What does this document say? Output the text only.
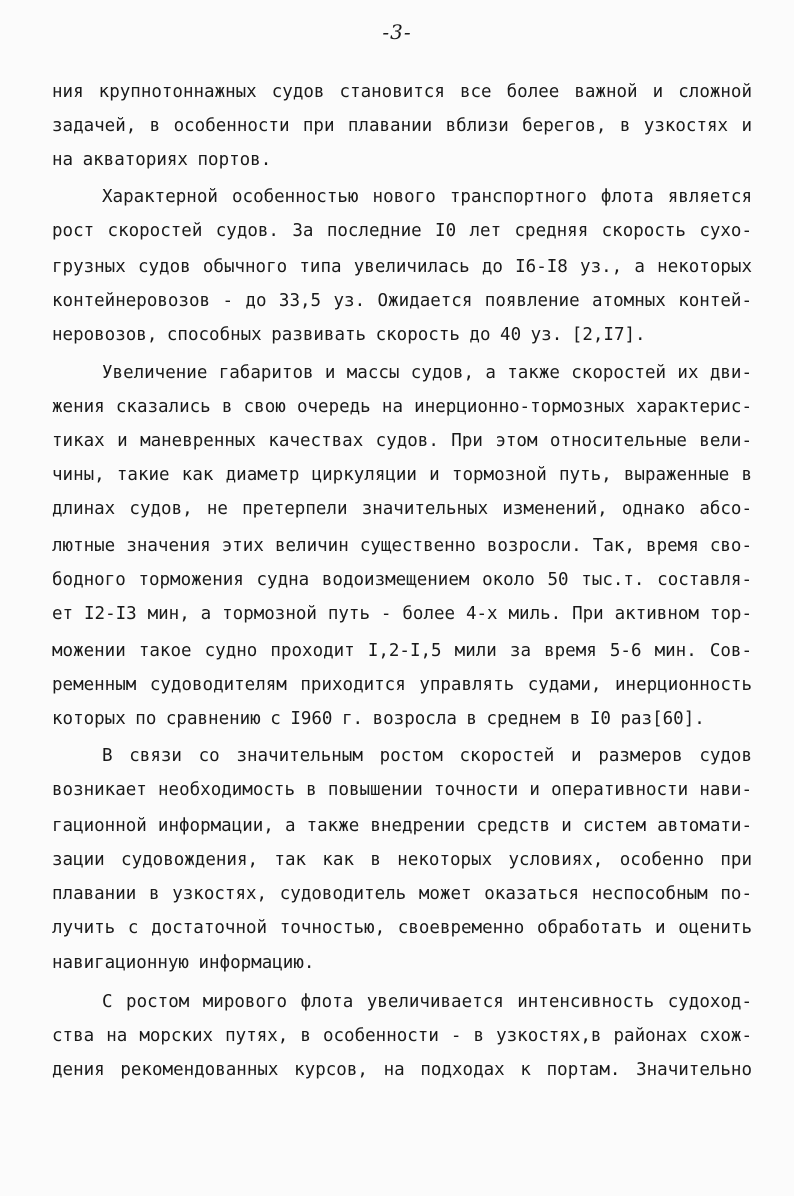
-3-
ния крупнотоннажных судов становится все более важной и сложной
задачей, в особенности при плавании вблизи берегов, в узкостях и
на акваториях портов.
Характерной особенностью нового транспортного флота является
рост скоростей судов. За последние I0 лет средняя скорость сухо-
грузных судов обычного типа увеличилась до I6-I8 уз., а некоторых
контейнеровозов - до 33,5 уз. Ожидается появление атомных контей-
неровозов, способных развивать скорость до 40 уз. [2,I7].
Увеличение габаритов и массы судов, а также скоростей их дви-
жения сказались в свою очередь на инерционно-тормозных характерис-
тиках и маневренных качествах судов. При этом относительные вели-
чины, такие как диаметр циркуляции и тормозной путь, выраженные в
длинах судов, не претерпели значительных изменений, однако абсо-
лютные значения этих величин существенно возросли. Так, время сво-
бодного торможения судна водоизмещением около 50 тыс.т. составля-
ет I2-I3 мин, а тормозной путь - более 4-х миль. При активном тор-
можении такое судно проходит I,2-I,5 мили за время 5-6 мин. Сов-
ременным судоводителям приходится управлять судами, инерционность
которых по сравнению с I960 г. возросла в среднем в I0 раз[60].
В связи со значительным ростом скоростей и размеров судов
возникает необходимость в повышении точности и оперативности нави-
гационной информации, а также внедрении средств и систем автомати-
зации судовождения, так как в некоторых условиях, особенно при
плавании в узкостях, судоводитель может оказаться неспособным по-
лучить с достаточной точностью, своевременно обработать и оценить
навигационную информацию.
С ростом мирового флота увеличивается интенсивность судоход-
ства на морских путях, в особенности - в узкостях,в районах схож-
дения рекомендованных курсов, на подходах к портам. Значительно
